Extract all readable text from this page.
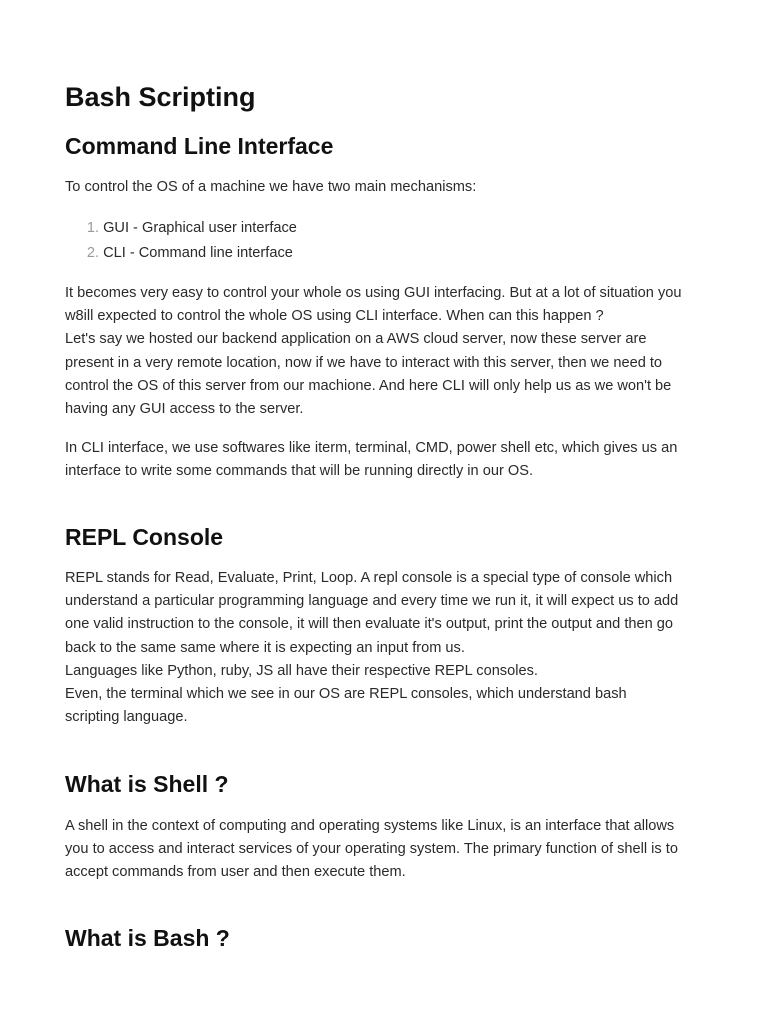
Bash Scripting
Command Line Interface

To control the OS of a machine we have two main mechanisms:

1. GUI - Graphical user interface
2. CLI - Command line interface

It becomes very easy to control your whole os using GUI interfacing. But at a lot of situation you
w8ill expected to control the whole OS using CLI interface. When can this happen ?
Let's say we hosted our backend application on a AWS cloud server, now these server are
present in a very remote location, now if we have to interact with this server, then we need to
control the OS of this server from our machione. And here CLI will only help us as we won't be
having any GUI access to the server.

In CLI interface, we use softwares like iterm, terminal, CMD, power shell etc, which gives us an
interface to write some commands that will be running directly in our OS.

REPL Console

REPL stands for Read, Evaluate, Print, Loop. A repl console is a special type of console which
understand a particular programming language and every time we run it, it will expect us to add
one valid instruction to the console, it will then evaluate it's output, print the output and then go
back to the same same where it is expecting an input from us.
Languages like Python, ruby, JS all have their respective REPL consoles.
Even, the terminal which we see in our OS are REPL consoles, which understand bash
scripting language.

What is Shell ?

A shell in the context of computing and operating systems like Linux, is an interface that allows
you to access and interact services of your operating system. The primary function of shell is to
accept commands from user and then execute them.

What is Bash ?
